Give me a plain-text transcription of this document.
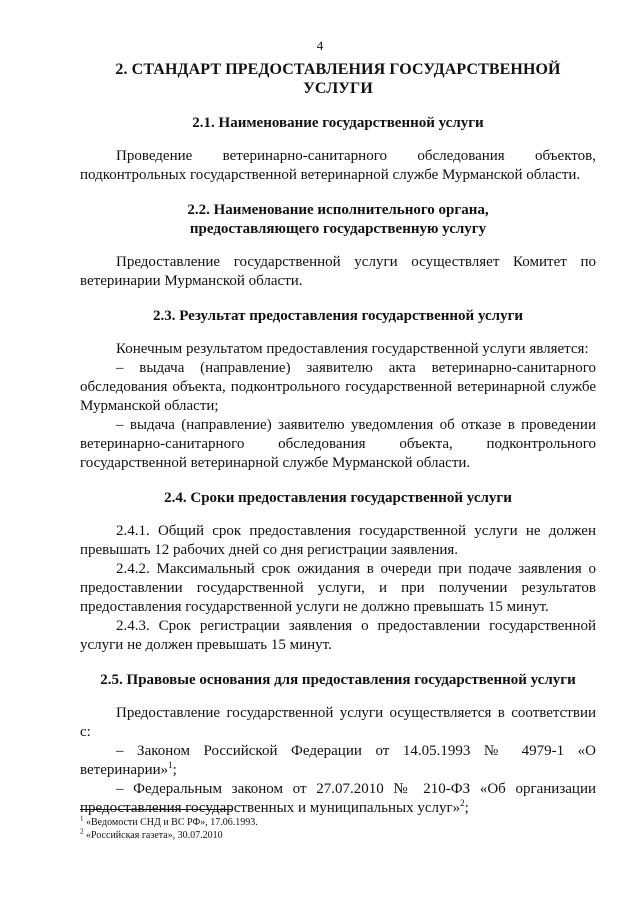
4
2. СТАНДАРТ ПРЕДОСТАВЛЕНИЯ ГОСУДАРСТВЕННОЙ УСЛУГИ
2.1. Наименование государственной услуги

Проведение ветеринарно-санитарного обследования объектов, подконтрольных государственной ветеринарной службе Мурманской области.

2.2. Наименование исполнительного органа,
предоставляющего государственную услугу

Предоставление государственной услуги осуществляет Комитет по ветеринарии Мурманской области.

2.3. Результат предоставления государственной услуги

Конечным результатом предоставления государственной услуги является:

– выдача (направление) заявителю акта ветеринарно-санитарного обследования объекта, подконтрольного государственной ветеринарной службе Мурманской области;

– выдача (направление) заявителю уведомления об отказе в проведении ветеринарно-санитарного обследования объекта, подконтрольного государственной ветеринарной службе Мурманской области.

2.4. Сроки предоставления государственной услуги

2.4.1. Общий срок предоставления государственной услуги не должен превышать 12 рабочих дней со дня регистрации заявления.

2.4.2. Максимальный срок ожидания в очереди при подаче заявления о предоставлении государственной услуги, и при получении результатов предоставления государственной услуги не должно превышать 15 минут.

2.4.3. Срок регистрации заявления о предоставлении государственной услуги не должен превышать 15 минут.

2.5. Правовые основания для предоставления государственной услуги

Предоставление государственной услуги осуществляется в соответствии с:

– Законом Российской Федерации от 14.05.1993 № 4979-1 «О ветеринарии»$^1$;

– Федеральным законом от 27.07.2010 № 210-ФЗ «Об организации предоставления государственных и муниципальных услуг»$^2$;

$^1$ «Ведомости СНД и ВС РФ», 17.06.1993.
$^2$ «Российская газета», 30.07.2010
